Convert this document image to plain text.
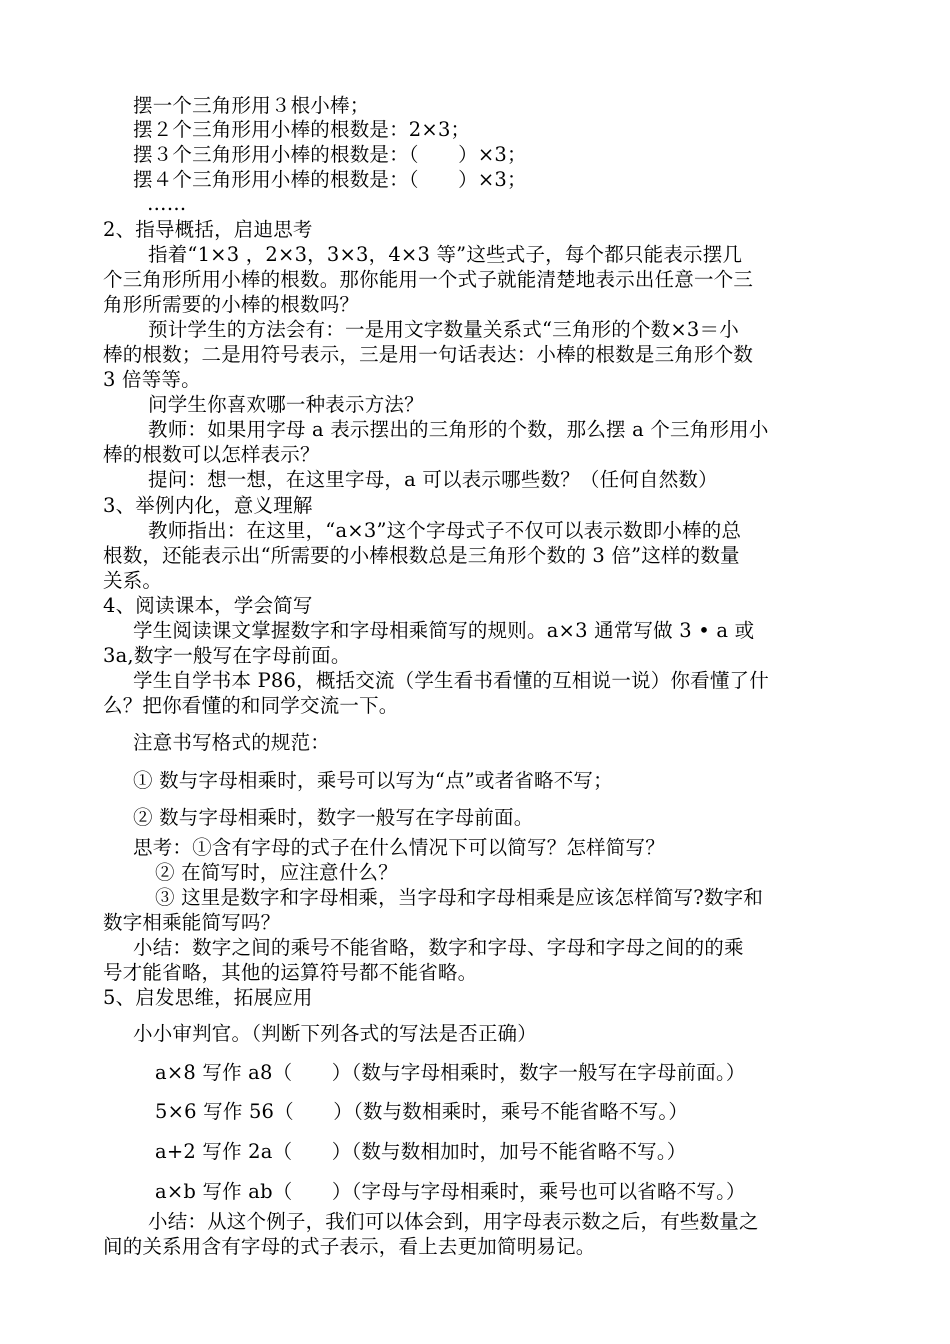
摆一个三角形用３根小棒；
摆２个三角形用小棒的根数是：2×3；
摆３个三角形用小棒的根数是：（　　）×3；
摆４个三角形用小棒的根数是：（　　）×3；
……
2、指导概括，启迪思考
指着“1×3 ，2×3，3×3，4×3 等”这些式子，每个都只能表示摆几
个三角形所用小棒的根数。那你能用一个式子就能清楚地表示出任意一个三
角形所需要的小棒的根数吗？
预计学生的方法会有：一是用文字数量关系式“三角形的个数×3＝小
棒的根数；二是用符号表示，三是用一句话表达：小棒的根数是三角形个数
3 倍等等。
问学生你喜欢哪一种表示方法？
教师：如果用字母 a 表示摆出的三角形的个数，那么摆 a 个三角形用小
棒的根数可以怎样表示？
提问：想一想，在这里字母，a 可以表示哪些数？（任何自然数）
3、举例内化，意义理解
教师指出：在这里，“a×3”这个字母式子不仅可以表示数即小棒的总
根数，还能表示出“所需要的小棒根数总是三角形个数的 3 倍”这样的数量
关系。
4、阅读课本，学会简写
学生阅读课文掌握数字和字母相乘简写的规则。a×3 通常写做 3 • a 或
3a,数字一般写在字母前面。
学生自学书本 P86，概括交流（学生看书看懂的互相说一说）你看懂了什
么？把你看懂的和同学交流一下。
注意书写格式的规范：
① 数与字母相乘时，乘号可以写为“点”或者省略不写；
② 数与字母相乘时，数字一般写在字母前面。
思考：①含有字母的式子在什么情况下可以简写？怎样简写？
② 在简写时，应注意什么？
③ 这里是数字和字母相乘，当字母和字母相乘是应该怎样简写?数字和
数字相乘能简写吗？
小结：数字之间的乘号不能省略，数字和字母、字母和字母之间的的乘
号才能省略，其他的运算符号都不能省略。
5、启发思维，拓展应用
小小审判官。（判断下列各式的写法是否正确）
a×8 写作 a8（　　）（数与字母相乘时，数字一般写在字母前面。）
5×6 写作 56（　　）（数与数相乘时，乘号不能省略不写。）
a+2 写作 2a（　　）（数与数相加时，加号不能省略不写。）
a×b 写作 ab（　　）（字母与字母相乘时，乘号也可以省略不写。）
小结：从这个例子，我们可以体会到，用字母表示数之后，有些数量之
间的关系用含有字母的式子表示，看上去更加简明易记。
